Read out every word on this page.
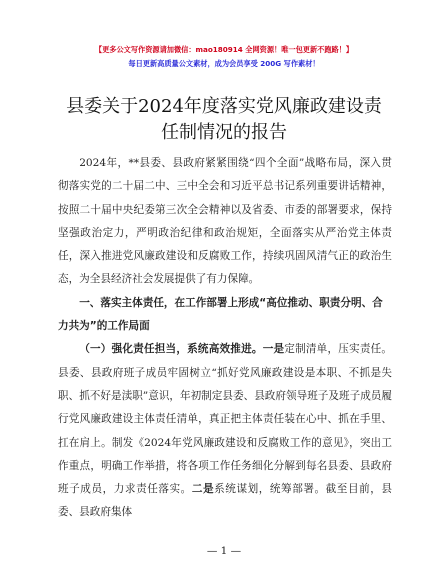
【更多公文写作资源请加微信：mao180914 全网资源！唯一包更新不跑路！】
每日更新高质量公文素材，成为会员享受 200G 写作素材！
县委关于2024年度落实党风廉政建设责任制情况的报告

2024年，**县委、县政府紧紧围绕“四个全面”战略布局，深入贯彻落实党的二十届二中、三中全会和习近平总书记系列重要讲话精神，按照二十届中央纪委第三次全会精神以及省委、市委的部署要求，保持坚强政治定力，严明政治纪律和政治规矩，全面落实从严治党主体责任，深入推进党风廉政建设和反腐败工作，持续巩固风清气正的政治生态，为全县经济社会发展提供了有力保障。

一、落实主体责任，在工作部署上形成“高位推动、职责分明、合力共为”的工作局面

（一）强化责任担当，系统高效推进。一是定制清单，压实责任。县委、县政府班子成员牢固树立“抓好党风廉政建设是本职、不抓是失职、抓不好是渎职”意识，年初制定县委、县政府领导班子及班子成员履行党风廉政建设主体责任清单，真正把主体责任装在心中、抓在手里、扛在肩上。制发《2024年党风廉政建设和反腐败工作的意见》，突出工作重点，明确工作举措，将各项工作任务细化分解到每名县委、县政府班子成员，力求责任落实。二是系统谋划，统筹部署。截至目前，县委、县政府集体

— 1 —
